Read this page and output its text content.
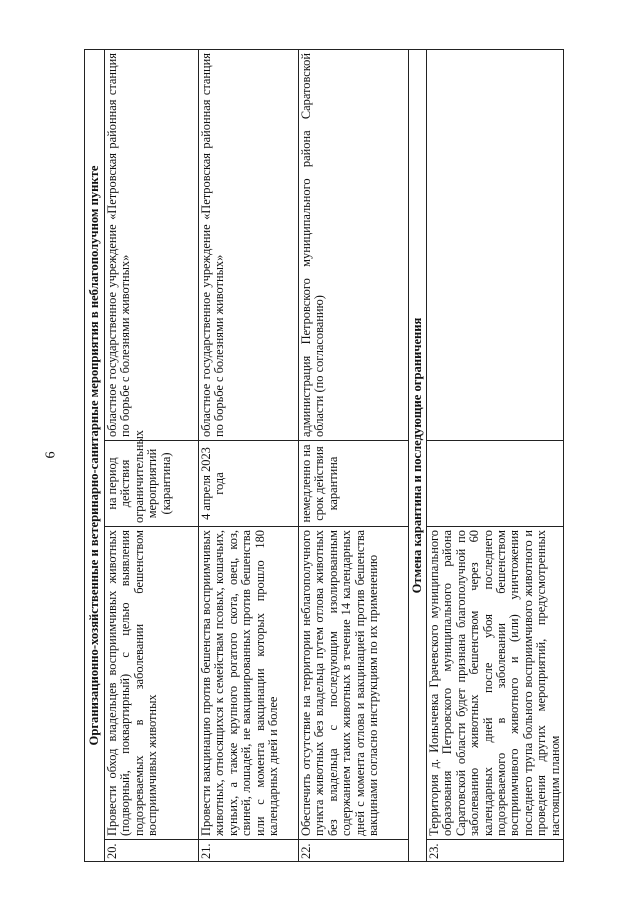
6 Организационно-хозяйственные и ветеринарно-санитарные мероприятия в неблагополучном пункте			
20.	Провести обход владельцев восприимчивых животных (подворный, поквартирный) с целью выявления подозреваемых в заболевании бешенством восприимчивых животных	на период действия ограничительных мероприятий (карантина)	областное государственное учреждение «Петровская районная станция по борьбе с болезнями животных»
21.	Провести вакцинацию против бешенства восприимчивых животных, относящихся к семействам псовых, кошачьих, куньих, а также крупного рогатого скота, овец, коз, свиней, лошадей, не вакцинированных против бешенства или с момента вакцинации которых прошло 180 календарных дней и более	4 апреля 2023 года	областное государственное учреждение «Петровская районная станция по борьбе с болезнями животных»
22.	Обеспечить отсутствие на территории неблагополучного пункта животных без владельца путем отлова животных без владельца с последующим изолированным содержанием таких животных в течение 14 календарных дней с момента отлова и вакцинацией против бешенства вакцинами согласно инструкциям по их применению	немедленно на срок действия карантина	администрация Петровского муниципального района Саратовской области (по согласованию)
Отмена карантина и последующие ограничения			
23.	Территория д. Ионычевка Грачевского муниципального образования Петровского муниципального района Саратовской области будет признана благополучной по заболеванию животных бешенством через 60 календарных дней после убоя последнего подозреваемого в заболевании бешенством восприимчивого животного и (или) уничтожения последнего трупа больного восприимчивого животного и проведения других мероприятий, предусмотренных настоящим планом		
